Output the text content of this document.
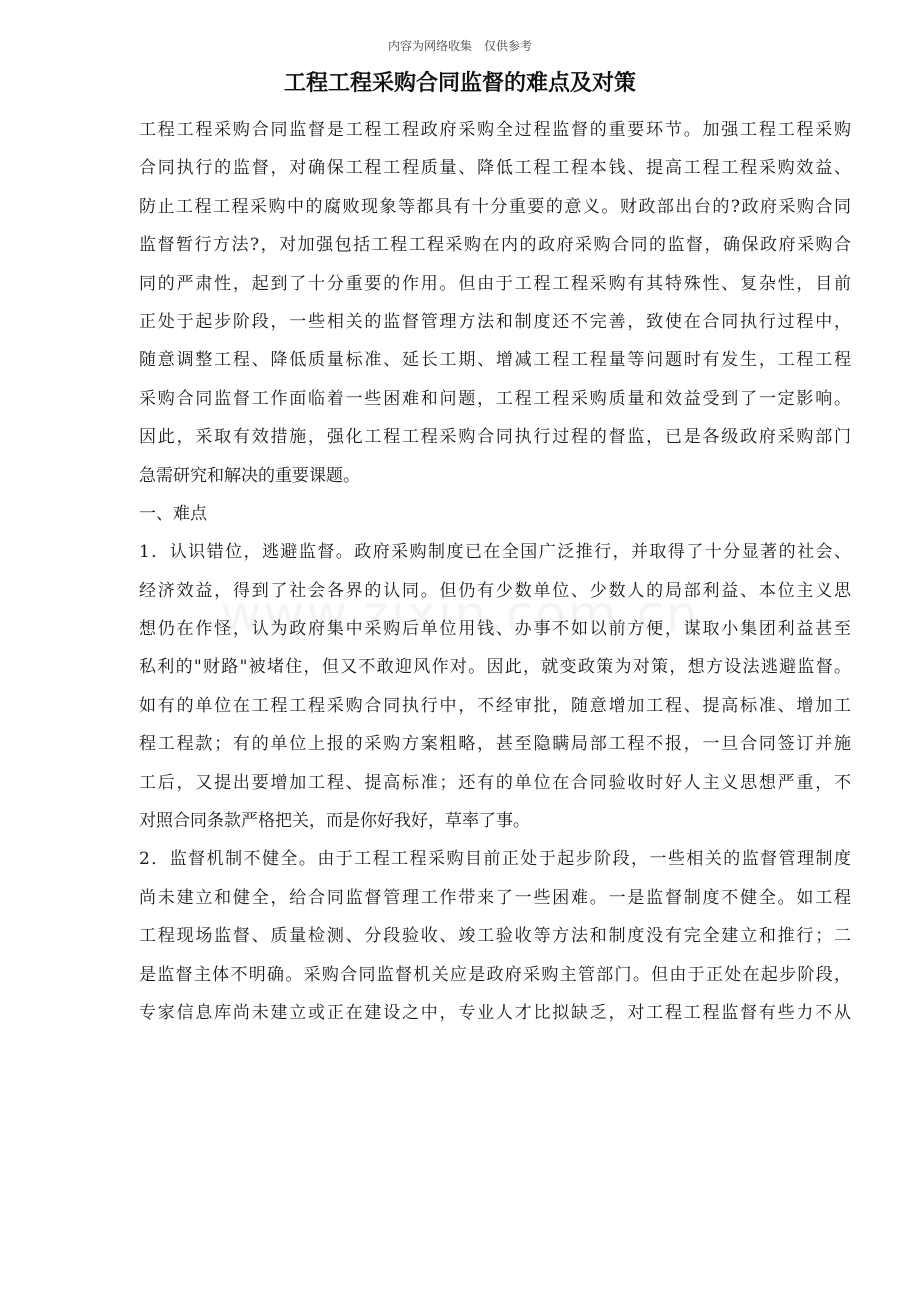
内容为网络收集　仅供参考
工程工程采购合同监督的难点及对策
工程工程采购合同监督是工程工程政府采购全过程监督的重要环节。加强工程工程采购
合同执行的监督，对确保工程工程质量、降低工程工程本钱、提高工程工程采购效益、
防止工程工程采购中的腐败现象等都具有十分重要的意义。财政部出台的?政府采购合同
监督暂行方法?，对加强包括工程工程采购在内的政府采购合同的监督，确保政府采购合
同的严肃性，起到了十分重要的作用。但由于工程工程采购有其特殊性、复杂性，目前
正处于起步阶段，一些相关的监督管理方法和制度还不完善，致使在合同执行过程中，
随意调整工程、降低质量标准、延长工期、增减工程工程量等问题时有发生，工程工程
采购合同监督工作面临着一些困难和问题，工程工程采购质量和效益受到了一定影响。
因此，采取有效措施，强化工程工程采购合同执行过程的督监，已是各级政府采购部门
急需研究和解决的重要课题。
一、难点
1．认识错位，逃避监督。政府采购制度已在全国广泛推行，并取得了十分显著的社会、
经济效益，得到了社会各界的认同。但仍有少数单位、少数人的局部利益、本位主义思
想仍在作怪，认为政府集中采购后单位用钱、办事不如以前方便，谋取小集团利益甚至
私利的"财路"被堵住，但又不敢迎风作对。因此，就变政策为对策，想方设法逃避监督。
如有的单位在工程工程采购合同执行中，不经审批，随意增加工程、提高标准、增加工
程工程款；有的单位上报的采购方案粗略，甚至隐瞒局部工程不报，一旦合同签订并施
工后，又提出要增加工程、提高标准；还有的单位在合同验收时好人主义思想严重，不
对照合同条款严格把关，而是你好我好，草率了事。
2．监督机制不健全。由于工程工程采购目前正处于起步阶段，一些相关的监督管理制度
尚未建立和健全，给合同监督管理工作带来了一些困难。一是监督制度不健全。如工程
工程现场监督、质量检测、分段验收、竣工验收等方法和制度没有完全建立和推行；二
是监督主体不明确。采购合同监督机关应是政府采购主管部门。但由于正处在起步阶段，
专家信息库尚未建立或正在建设之中，专业人才比拟缺乏，对工程工程监督有些力不从
